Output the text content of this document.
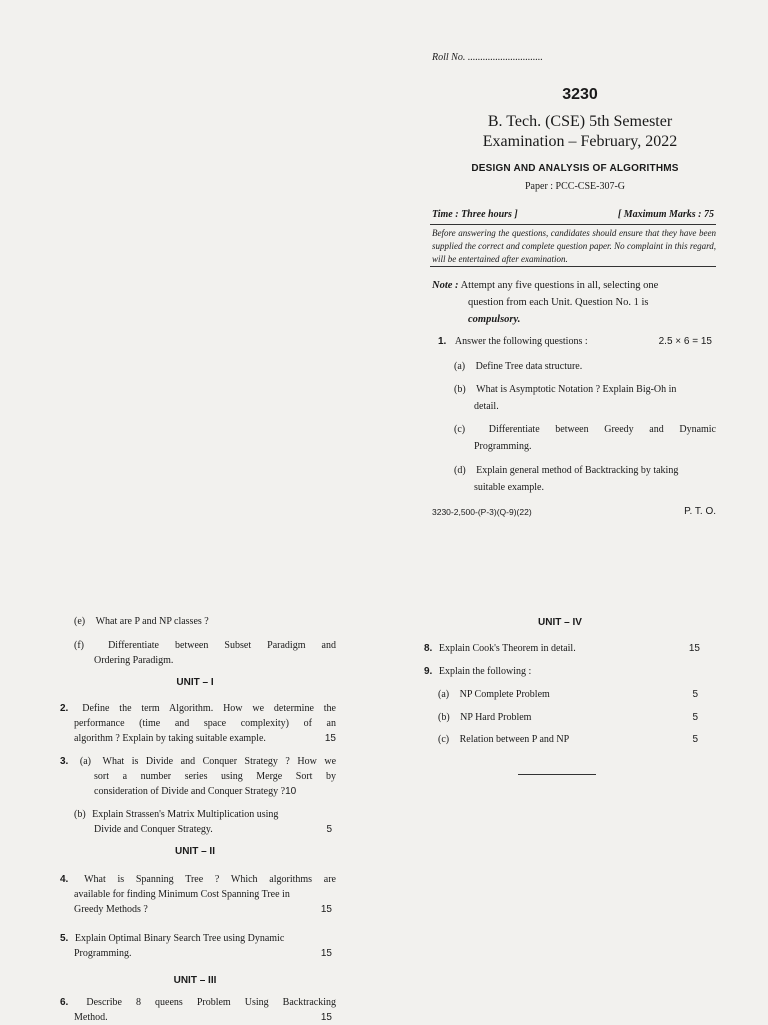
Roll No. ..............................
3230
B. Tech. (CSE) 5th Semester
Examination – February, 2022
DESIGN AND ANALYSIS OF ALGORITHMS
Paper : PCC-CSE-307-G
Time : Three hours ]	[ Maximum Marks : 75
Before answering the questions, candidates should ensure that they have been supplied the correct and complete question paper. No complaint in this regard, will be entertained after examination.
Note : Attempt any five questions in all, selecting one
question from each Unit. Question No. 1 is
compulsory.
1. Answer the following questions :	2.5 × 6 = 15
(a) Define Tree data structure.
(b) What is Asymptotic Notation ? Explain Big-Oh in
detail.
(c) Differentiate between Greedy and Dynamic
Programming.
(d) Explain general method of Backtracking by taking
suitable example.
3230-2,500-(P-3)(Q-9)(22)	P. T. O.
(e) What are P and NP classes ?
(f) Differentiate between Subset Paradigm and
Ordering Paradigm.
UNIT – I
2. Define the term Algorithm. How we determine the
performance (time and space complexity) of an
algorithm ? Explain by taking suitable example.	15
3. (a) What is Divide and Conquer Strategy ? How we
sort a number series using Merge Sort by
consideration of Divide and Conquer Strategy ?10
(b) Explain Strassen's Matrix Multiplication using
Divide and Conquer Strategy.	5
UNIT – II
4. What is Spanning Tree ? Which algorithms are
available for finding Minimum Cost Spanning Tree in
Greedy Methods ?	15
5. Explain Optimal Binary Search Tree using Dynamic
Programming.	15
UNIT – III
6. Describe 8 queens Problem Using Backtracking
Method.	15
UNIT – IV
8. Explain Cook's Theorem in detail.	15
9. Explain the following :
(a) NP Complete Problem	5
(b) NP Hard Problem	5
(c) Relation between P and NP	5
